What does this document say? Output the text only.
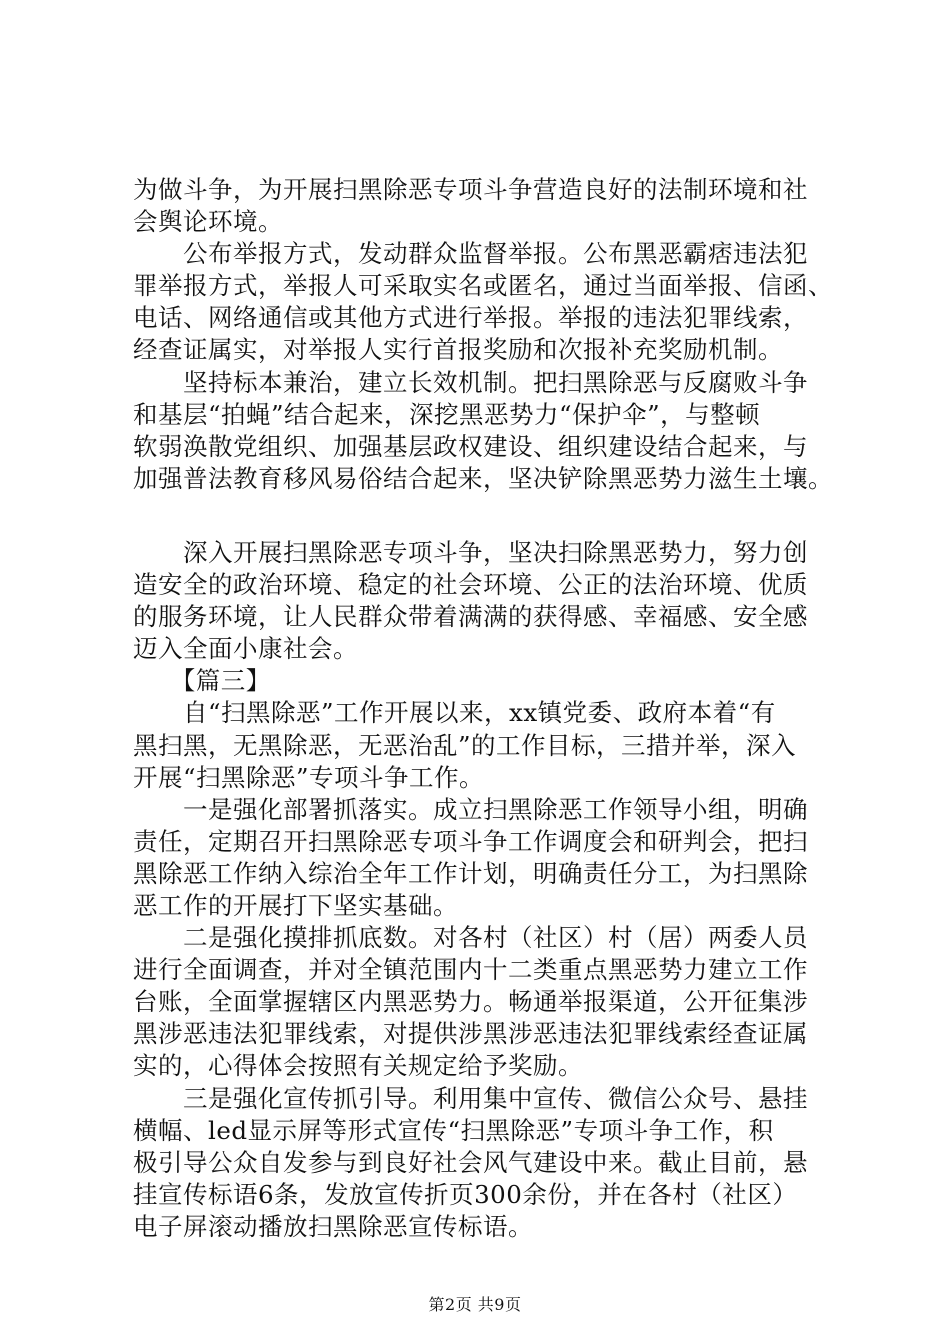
为做斗争，为开展扫黑除恶专项斗争营造良好的法制环境和社
会舆论环境。
　　公布举报方式，发动群众监督举报。公布黑恶霸痞违法犯
罪举报方式，举报人可采取实名或匿名，通过当面举报、信函、
电话、网络通信或其他方式进行举报。举报的违法犯罪线索，
经查证属实，对举报人实行首报奖励和次报补充奖励机制。
　　坚持标本兼治，建立长效机制。把扫黑除恶与反腐败斗争
和基层“拍蝇”结合起来，深挖黑恶势力“保护伞”，与整顿
软弱涣散党组织、加强基层政权建设、组织建设结合起来，与
加强普法教育移风易俗结合起来，坚决铲除黑恶势力滋生土壤。
　　深入开展扫黑除恶专项斗争，坚决扫除黑恶势力，努力创
造安全的政治环境、稳定的社会环境、公正的法治环境、优质
的服务环境，让人民群众带着满满的获得感、幸福感、安全感
迈入全面小康社会。
　　【篇三】
　　自“扫黑除恶”工作开展以来，xx镇党委、政府本着“有
黑扫黑，无黑除恶，无恶治乱”的工作目标，三措并举，深入
开展“扫黑除恶”专项斗争工作。
　　一是强化部署抓落实。成立扫黑除恶工作领导小组，明确
责任，定期召开扫黑除恶专项斗争工作调度会和研判会，把扫
黑除恶工作纳入综治全年工作计划，明确责任分工，为扫黑除
恶工作的开展打下坚实基础。
　　二是强化摸排抓底数。对各村（社区）村（居）两委人员
进行全面调查，并对全镇范围内十二类重点黑恶势力建立工作
台账，全面掌握辖区内黑恶势力。畅通举报渠道，公开征集涉
黑涉恶违法犯罪线索，对提供涉黑涉恶违法犯罪线索经查证属
实的，心得体会按照有关规定给予奖励。
　　三是强化宣传抓引导。利用集中宣传、微信公众号、悬挂
横幅、led显示屏等形式宣传“扫黑除恶”专项斗争工作，积
极引导公众自发参与到良好社会风气建设中来。截止目前，悬
挂宣传标语6条，发放宣传折页300余份，并在各村（社区）
电子屏滚动播放扫黑除恶宣传标语。
第2页 共9页
